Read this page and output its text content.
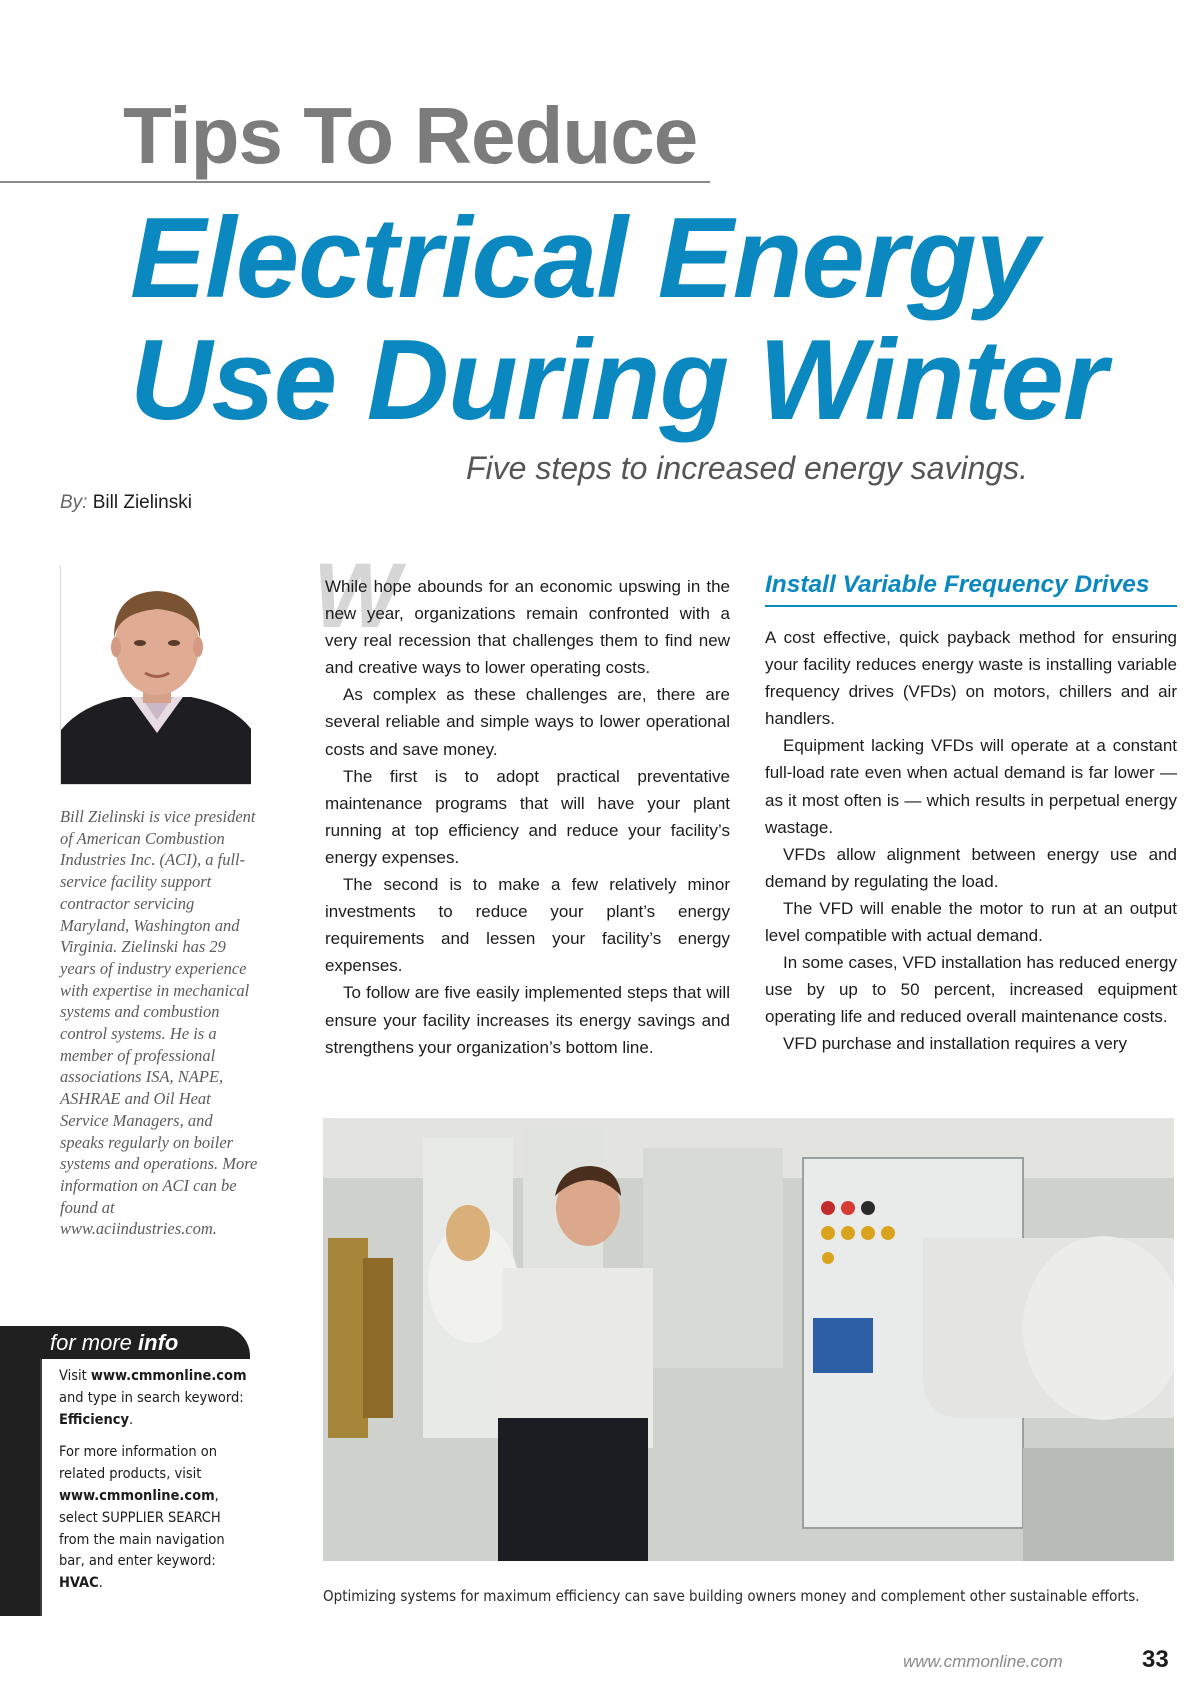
Tips To Reduce
Electrical Energy
Use During Winter
Five steps to increased energy savings.
By: Bill Zielinski
Bill Zielinski is vice president of American Combustion Industries Inc. (ACI), a full-service facility support contractor servicing Maryland, Washington and Virginia. Zielinski has 29 years of industry experience with expertise in mechanical systems and combustion control systems. He is a member of professional associations ISA, NAPE, ASHRAE and Oil Heat Service Managers, and speaks regularly on boiler systems and operations. More information on ACI can be found at www.aciindustries.com.
for more info

Visit www.cmmonline.com and type in search keyword: Efficiency.

For more information on related products, visit www.cmmonline.com, select SUPPLIER SEARCH from the main navigation bar, and enter keyword: HVAC.

W

While hope abounds for an economic upswing in the new year, organizations remain confronted with a very real recession that challenges them to find new and creative ways to lower operating costs.

As complex as these challenges are, there are several reliable and simple ways to lower operational costs and save money.

The first is to adopt practical preventative maintenance programs that will have your plant running at top efficiency and reduce your facility’s energy expenses.

The second is to make a few relatively minor investments to reduce your plant’s energy requirements and lessen your facility’s energy expenses.

To follow are five easily implemented steps that will ensure your facility increases its energy savings and strengthens your organization’s bottom line.

Install Variable Frequency Drives

A cost effective, quick payback method for ensuring your facility reduces energy waste is installing variable frequency drives (VFDs) on motors, chillers and air handlers.

Equipment lacking VFDs will operate at a constant full-load rate even when actual demand is far lower — as it most often is — which results in perpetual energy wastage.

VFDs allow alignment between energy use and demand by regulating the load.

The VFD will enable the motor to run at an output level compatible with actual demand.

In some cases, VFD installation has reduced energy use by up to 50 percent, increased equipment operating life and reduced overall maintenance costs.

VFD purchase and installation requires a very

Optimizing systems for maximum efficiency can save building owners money and complement other sustainable efforts.
www.cmmonline.com	33
